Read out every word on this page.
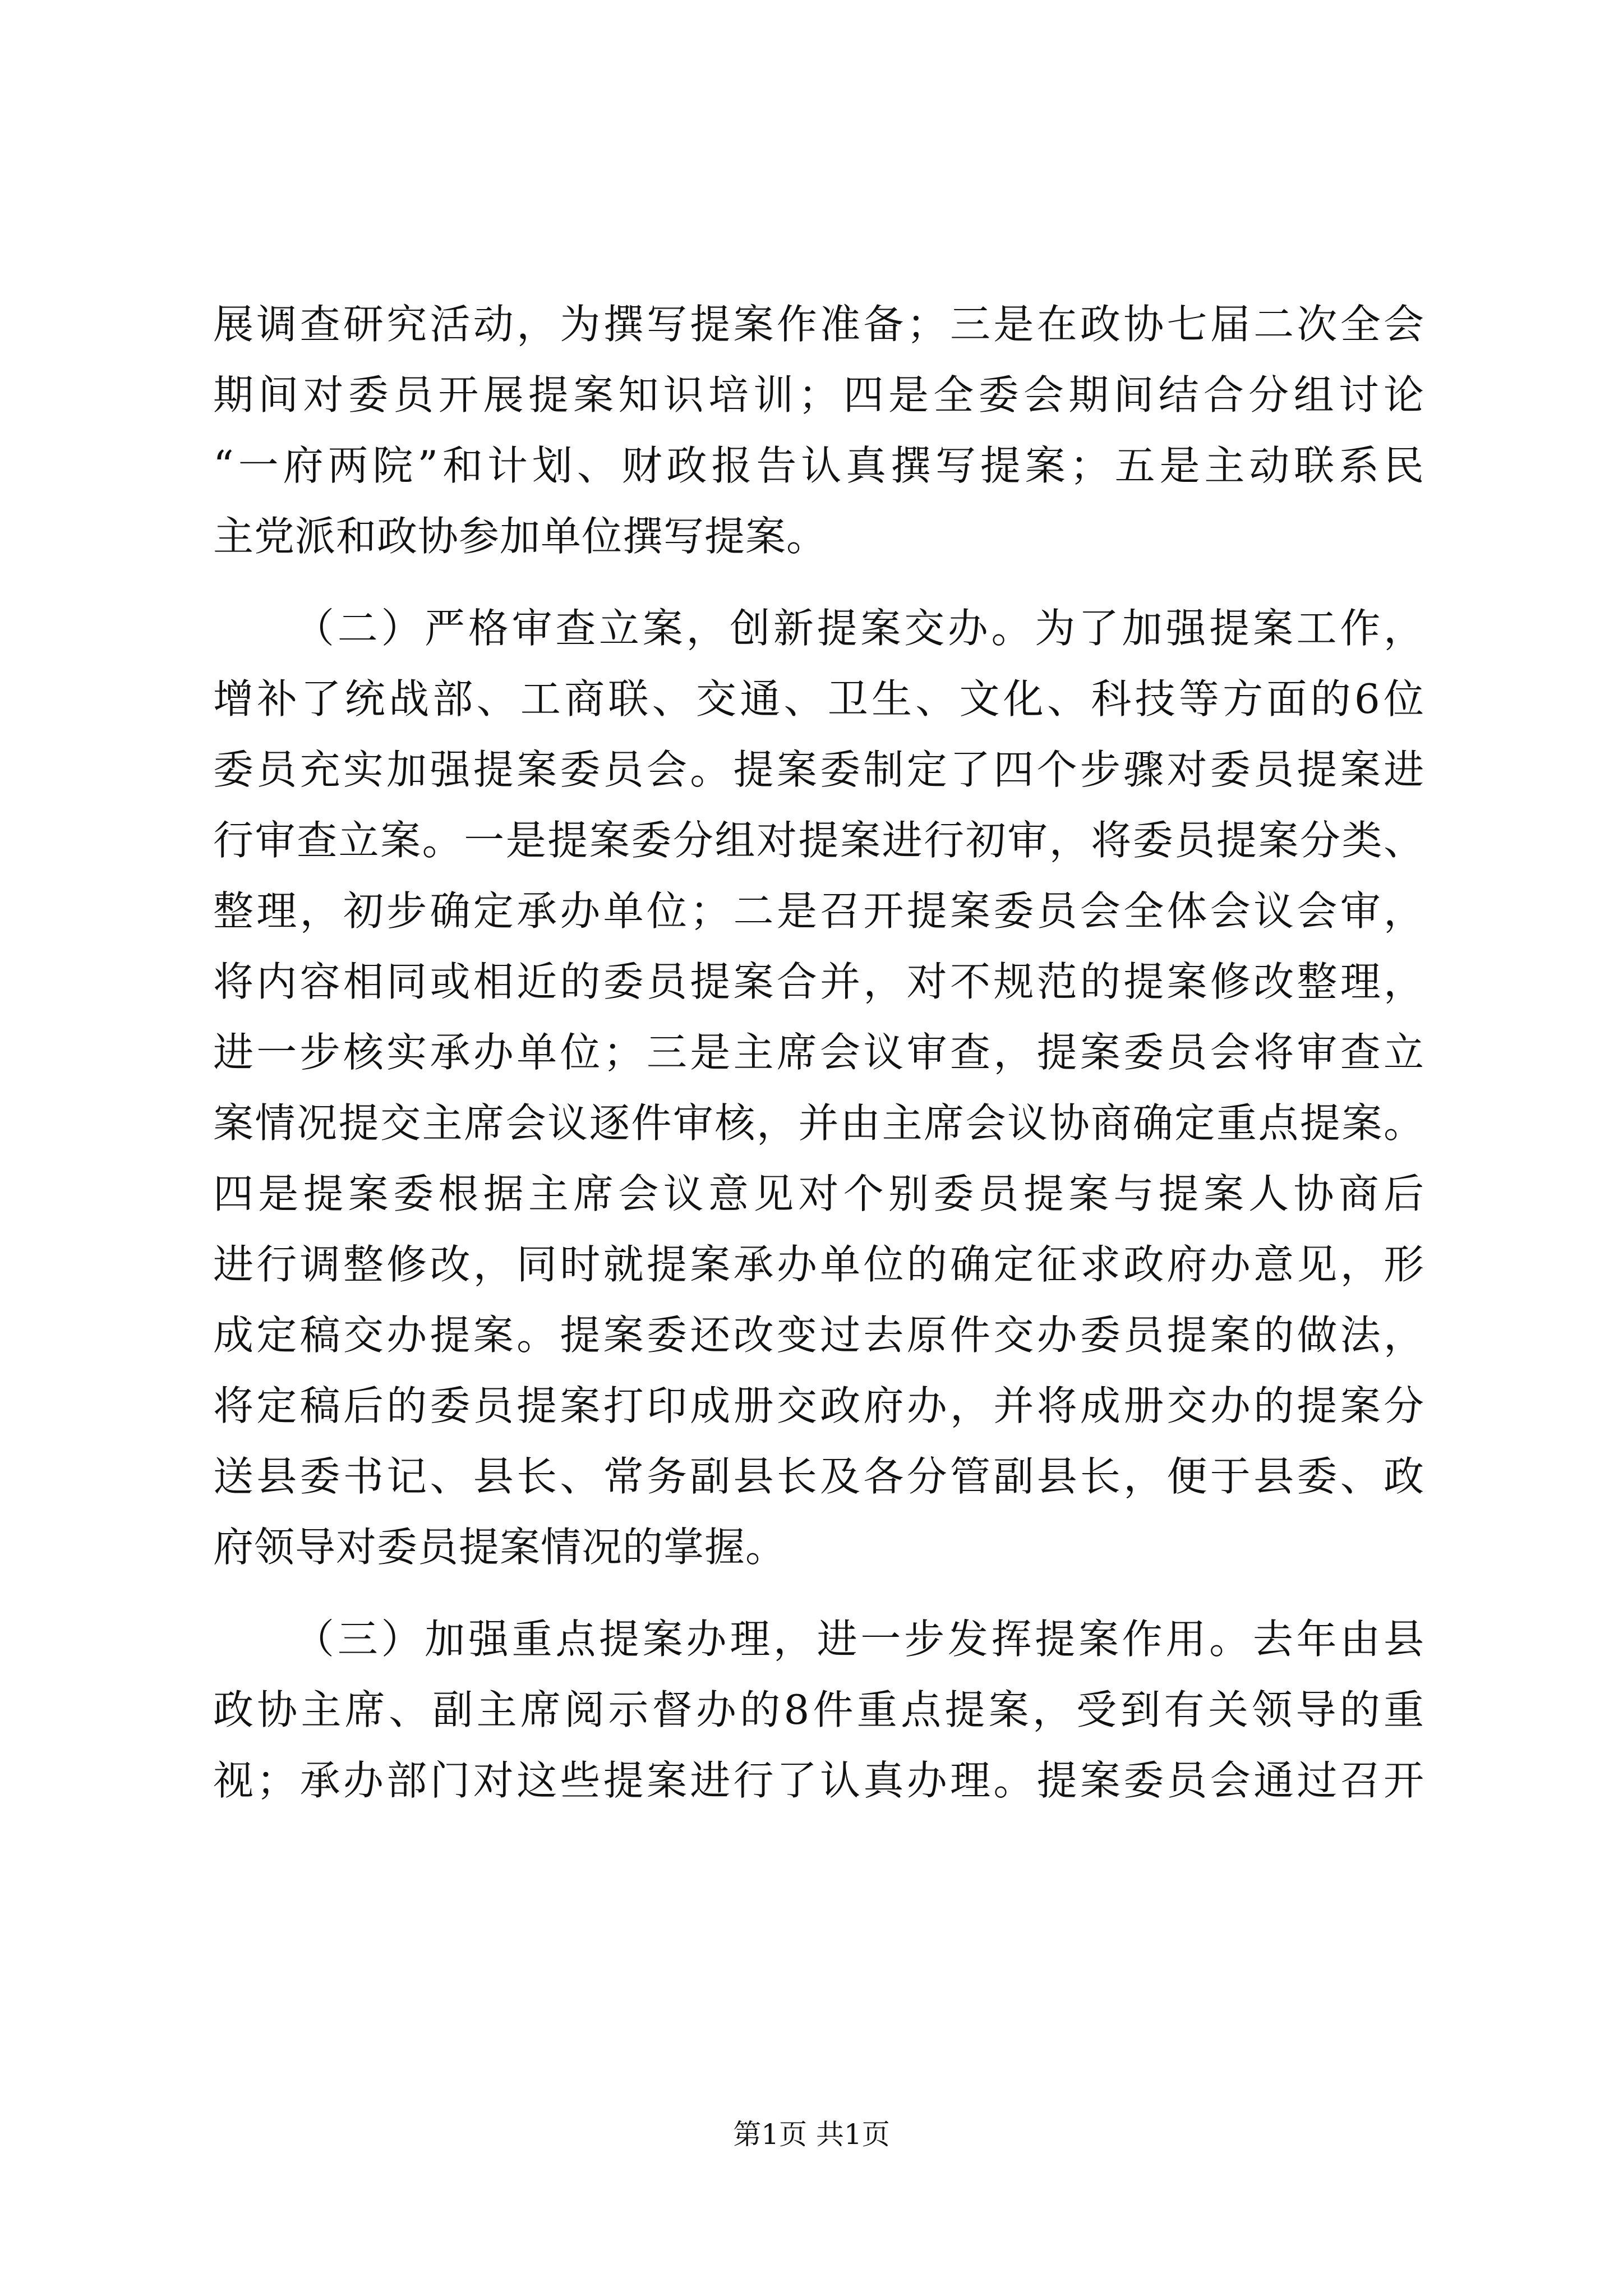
展调查研究活动，为撰写提案作准备；三是在政协七届二次全会
期间对委员开展提案知识培训；四是全委会期间结合分组讨论
“一府两院”和计划、财政报告认真撰写提案；五是主动联系民
主党派和政协参加单位撰写提案。
（二）严格审查立案，创新提案交办。为了加强提案工作，
增补了统战部、工商联、交通、卫生、文化、科技等方面的6位
委员充实加强提案委员会。提案委制定了四个步骤对委员提案进
行审查立案。一是提案委分组对提案进行初审，将委员提案分类、
整理，初步确定承办单位；二是召开提案委员会全体会议会审，
将内容相同或相近的委员提案合并，对不规范的提案修改整理，
进一步核实承办单位；三是主席会议审查，提案委员会将审查立
案情况提交主席会议逐件审核，并由主席会议协商确定重点提案。
四是提案委根据主席会议意见对个别委员提案与提案人协商后
进行调整修改，同时就提案承办单位的确定征求政府办意见，形
成定稿交办提案。提案委还改变过去原件交办委员提案的做法，
将定稿后的委员提案打印成册交政府办，并将成册交办的提案分
送县委书记、县长、常务副县长及各分管副县长，便于县委、政
府领导对委员提案情况的掌握。
（三）加强重点提案办理，进一步发挥提案作用。去年由县
政协主席、副主席阅示督办的8件重点提案，受到有关领导的重
视；承办部门对这些提案进行了认真办理。提案委员会通过召开
第1页 共1页
